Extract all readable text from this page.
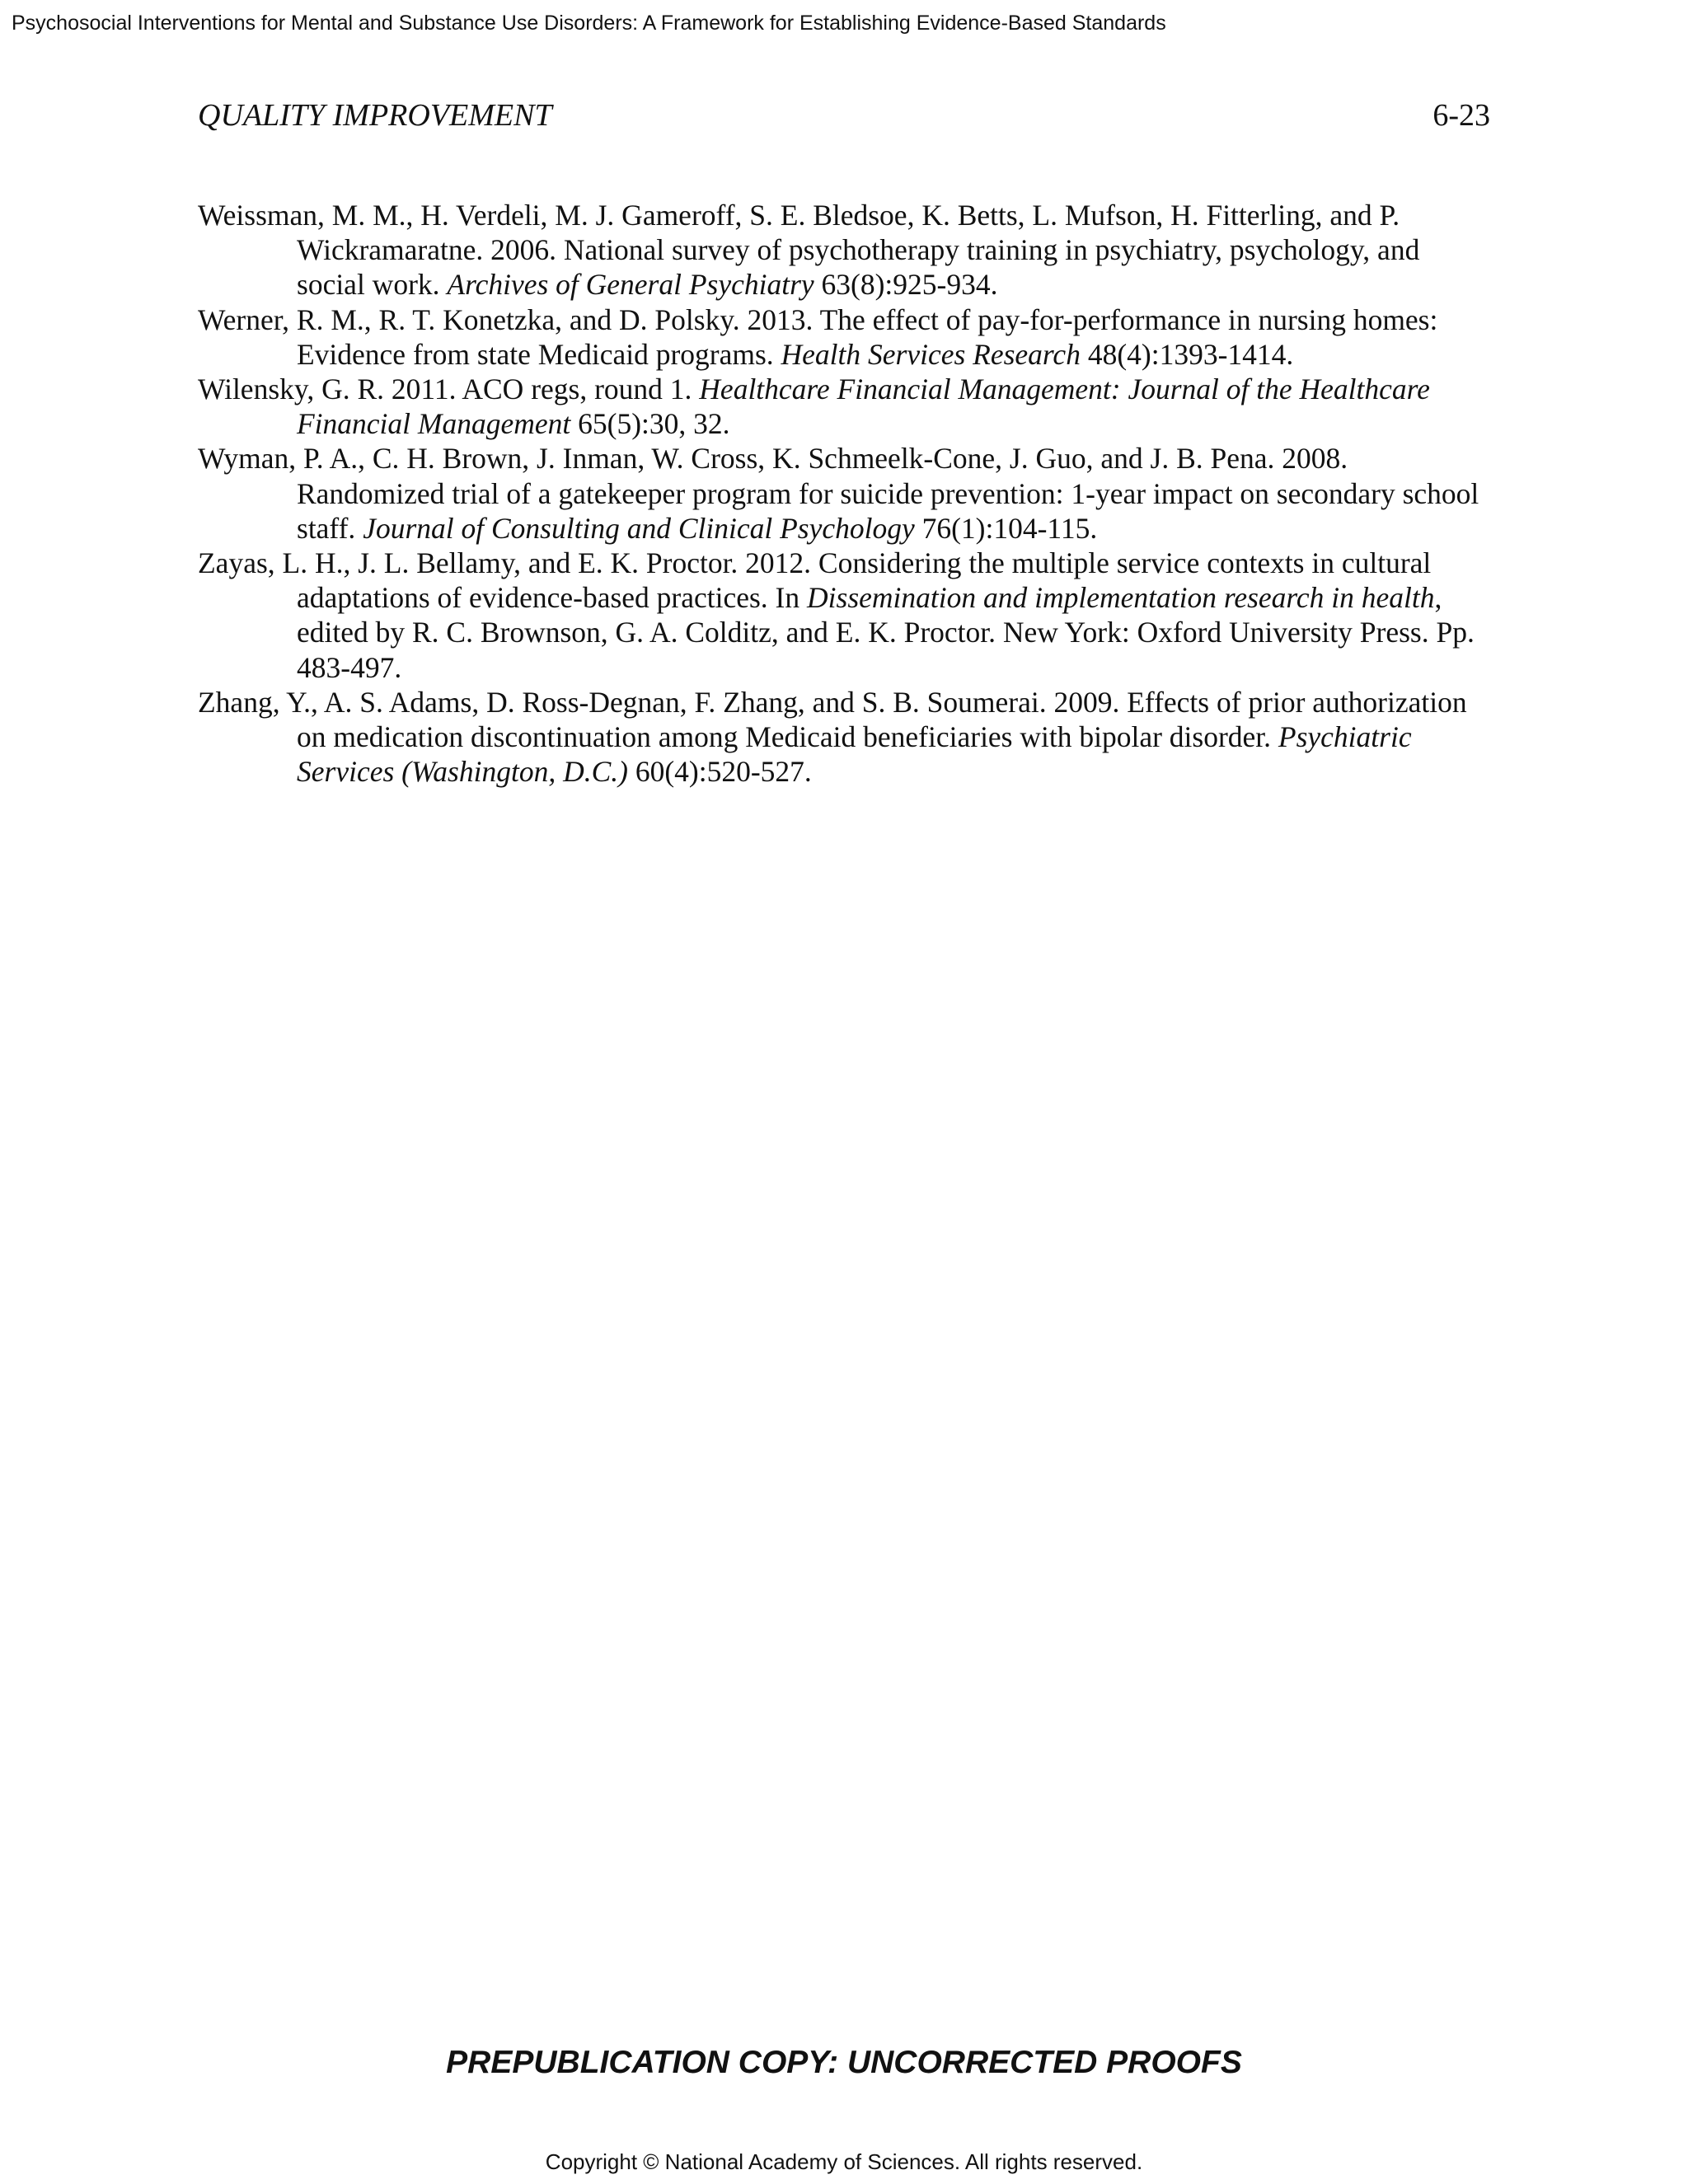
Psychosocial Interventions for Mental and Substance Use Disorders: A Framework for Establishing Evidence-Based Standards
QUALITY IMPROVEMENT	6-23

Weissman, M. M., H. Verdeli, M. J. Gameroff, S. E. Bledsoe, K. Betts, L. Mufson, H. Fitterling, and P. Wickramaratne. 2006. National survey of psychotherapy training in psychiatry, psychology, and social work. Archives of General Psychiatry 63(8):925-934.

Werner, R. M., R. T. Konetzka, and D. Polsky. 2013. The effect of pay-for-performance in nursing homes: Evidence from state Medicaid programs. Health Services Research 48(4):1393-1414.

Wilensky, G. R. 2011. ACO regs, round 1. Healthcare Financial Management: Journal of the Healthcare Financial Management 65(5):30, 32.

Wyman, P. A., C. H. Brown, J. Inman, W. Cross, K. Schmeelk-Cone, J. Guo, and J. B. Pena. 2008. Randomized trial of a gatekeeper program for suicide prevention: 1-year impact on secondary school staff. Journal of Consulting and Clinical Psychology 76(1):104-115.

Zayas, L. H., J. L. Bellamy, and E. K. Proctor. 2012. Considering the multiple service contexts in cultural adaptations of evidence-based practices. In Dissemination and implementation research in health, edited by R. C. Brownson, G. A. Colditz, and E. K. Proctor. New York: Oxford University Press. Pp. 483-497.

Zhang, Y., A. S. Adams, D. Ross-Degnan, F. Zhang, and S. B. Soumerai. 2009. Effects of prior authorization on medication discontinuation among Medicaid beneficiaries with bipolar disorder. Psychiatric Services (Washington, D.C.) 60(4):520-527.

PREPUBLICATION COPY: UNCORRECTED PROOFS
Copyright © National Academy of Sciences. All rights reserved.
